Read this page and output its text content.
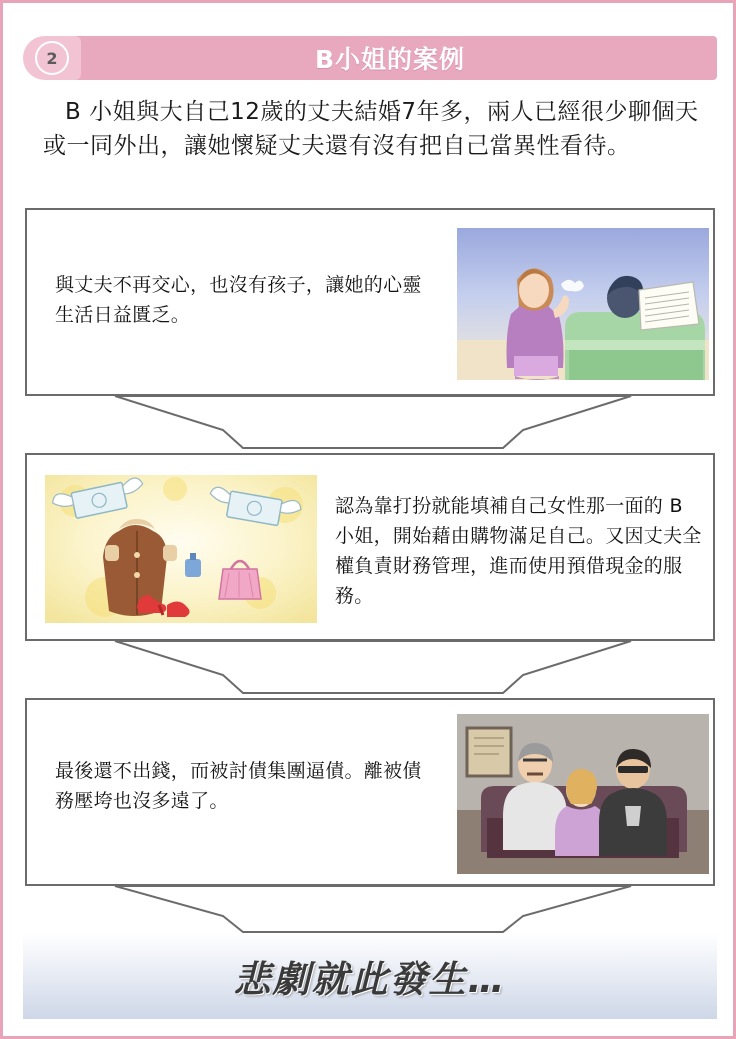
B小姐的案例
2
B 小姐與大自己12歲的丈夫結婚7年多，兩人已經很少聊個天或一同外出，讓她懷疑丈夫還有沒有把自己當異性看待。
與丈夫不再交心，也沒有孩子，讓她的心靈生活日益匱乏。
認為靠打扮就能填補自己女性那一面的 B 小姐，開始藉由購物滿足自己。又因丈夫全權負責財務管理，進而使用預借現金的服務。
最後還不出錢，而被討債集團逼債。離被債務壓垮也沒多遠了。
悲劇就此發生…
